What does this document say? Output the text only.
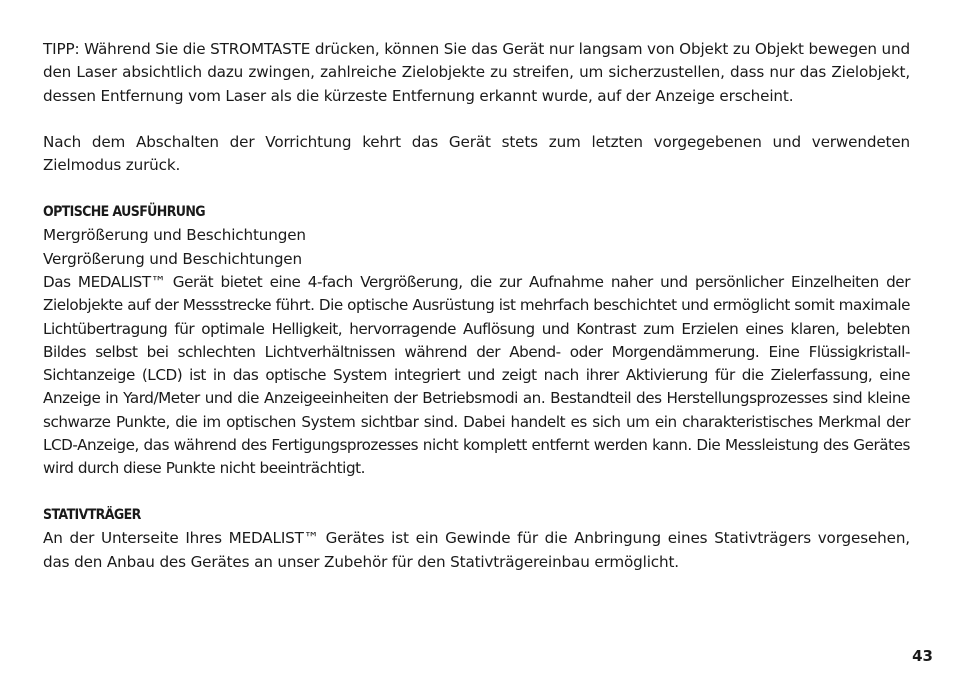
TIPP: Während Sie die STROMTASTE drücken, können Sie das Gerät nur langsam von Objekt zu Objekt bewegen und den Laser absichtlich dazu zwingen, zahlreiche Zielobjekte zu streifen, um sicherzustellen, dass nur das Zielobjekt, dessen Entfernung vom Laser als die kürzeste Entfernung erkannt wurde, auf der Anzeige erscheint.

Nach dem Abschalten der Vorrichtung kehrt das Gerät stets zum letzten vorgegebenen und verwendeten Zielmodus zurück.

OPTISCHE AUSFÜHRUNG

Mergrößerung und Beschichtungen

Vergrößerung und Beschichtungen

Das MEDALIST™ Gerät bietet eine 4-fach Vergrößerung, die zur Aufnahme naher und persönlicher Einzelheiten der Zielobjekte auf der Messstrecke führt. Die optische Ausrüstung ist mehrfach beschichtet und ermöglicht somit maximale Lichtübertragung für optimale Helligkeit, hervorragende Auflösung und Kontrast zum Erzielen eines klaren, belebten Bildes selbst bei schlechten Lichtverhältnissen während der Abend- oder Morgendämmerung. Eine Flüssigkristall-Sichtanzeige (LCD) ist in das optische System integriert und zeigt nach ihrer Aktivierung für die Zielerfassung, eine Anzeige in Yard/Meter und die Anzeigeeinheiten der Betriebsmodi an. Bestandteil des Herstellungsprozesses sind kleine schwarze Punkte, die im optischen System sichtbar sind. Dabei handelt es sich um ein charakteristisches Merkmal der LCD-Anzeige, das während des Fertigungsprozesses nicht komplett entfernt werden kann. Die Messleistung des Gerätes wird durch diese Punkte nicht beeinträchtigt.

STATIVTRÄGER

An der Unterseite Ihres MEDALIST™ Gerätes ist ein Gewinde für die Anbringung eines Stativträgers vorgesehen, das den Anbau des Gerätes an unser Zubehör für den Stativträgereinbau ermöglicht.

43
